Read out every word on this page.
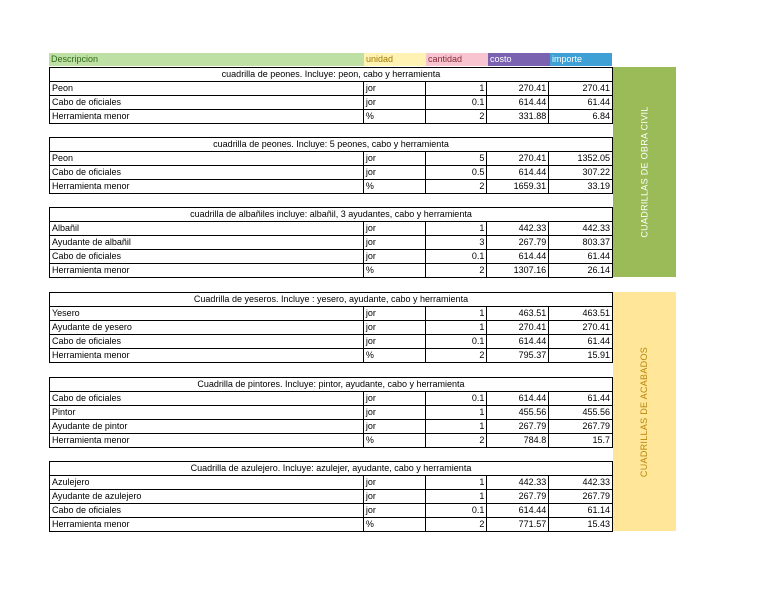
Descripcion	unidad	cantidad	costo	importe
cuadrilla de peones. Incluye: peon, cabo y herramienta
Peon	jor	1	270.41	270.41
Cabo de oficiales	jor	0.1	614.44	61.44
Herramienta menor	%	2	331.88	6.84
cuadrilla de peones. Incluye: 5 peones, cabo y herramienta
Peon	jor	5	270.41	1352.05
Cabo de oficiales	jor	0.5	614.44	307.22
Herramienta menor	%	2	1659.31	33.19
cuadrilla de albañiles incluye: albañil, 3 ayudantes, cabo y herramienta
Albañil	jor	1	442.33	442.33
Ayudante de albañil	jor	3	267.79	803.37
Cabo de oficiales	jor	0.1	614.44	61.44
Herramienta menor	%	2	1307.16	26.14
Cuadrilla de yeseros. Incluye : yesero, ayudante, cabo y herramienta
Yesero	jor	1	463.51	463.51
Ayudante de yesero	jor	1	270.41	270.41
Cabo de oficiales	jor	0.1	614.44	61.44
Herramienta menor	%	2	795.37	15.91
Cuadrilla de pintores. Incluye: pintor, ayudante, cabo y herramienta
Cabo de oficiales	jor	0.1	614.44	61.44
Pintor	jor	1	455.56	455.56
Ayudante de pintor	jor	1	267.79	267.79
Herramienta menor	%	2	784.8	15.7
Cuadrilla de azulejero. Incluye: azulejer, ayudante, cabo y herramienta
Azulejero	jor	1	442.33	442.33
Ayudante de azulejero	jor	1	267.79	267.79
Cabo de oficiales	jor	0.1	614.44	61.14
Herramienta menor	%	2	771.57	15.43
CUADRILLAS DE OBRA CIVIL
CUADRILLAS DE ACABADOS
